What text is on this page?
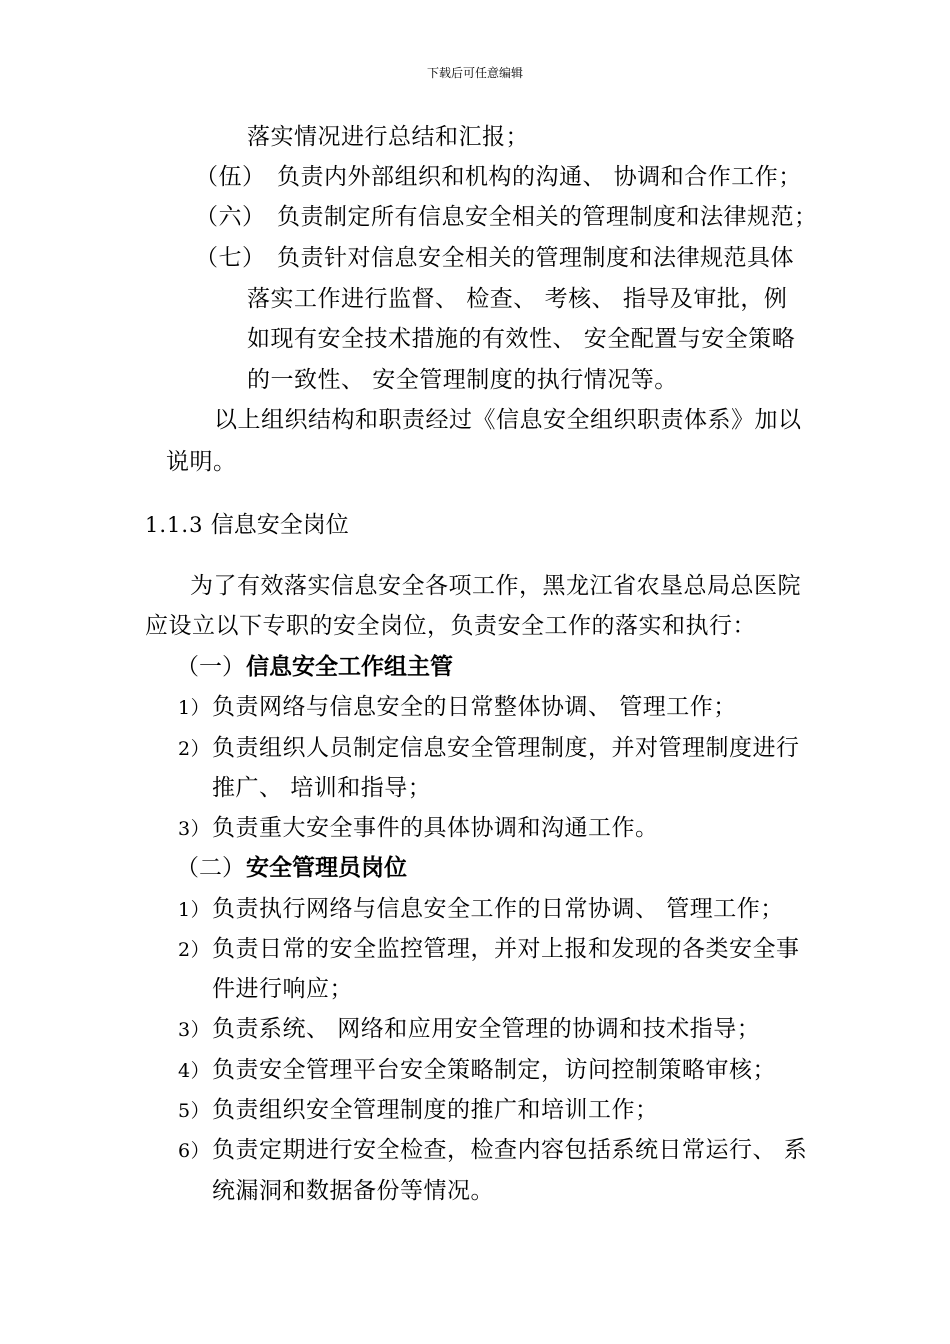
下载后可任意编辑
落实情况进行总结和汇报；
（伍） 负责内外部组织和机构的沟通、 协调和合作工作；
（六） 负责制定所有信息安全相关的管理制度和法律规范；
（七） 负责针对信息安全相关的管理制度和法律规范具体
落实工作进行监督、 检查、 考核、 指导及审批，例
如现有安全技术措施的有效性、 安全配置与安全策略
的一致性、 安全管理制度的执行情况等。
以上组织结构和职责经过《信息安全组织职责体系》加以
说明。
1.1.3 信息安全岗位
为了有效落实信息安全各项工作，黑龙江省农垦总局总医院
应设立以下专职的安全岗位，负责安全工作的落实和执行：
（一）信息安全工作组主管
1）负责网络与信息安全的日常整体协调、 管理工作；
2）负责组织人员制定信息安全管理制度，并对管理制度进行
推广、 培训和指导；
3）负责重大安全事件的具体协调和沟通工作。
（二）安全管理员岗位
1）负责执行网络与信息安全工作的日常协调、 管理工作；
2）负责日常的安全监控管理，并对上报和发现的各类安全事
件进行响应；
3）负责系统、 网络和应用安全管理的协调和技术指导；
4）负责安全管理平台安全策略制定，访问控制策略审核；
5）负责组织安全管理制度的推广和培训工作；
6）负责定期进行安全检查，检查内容包括系统日常运行、 系
统漏洞和数据备份等情况。
